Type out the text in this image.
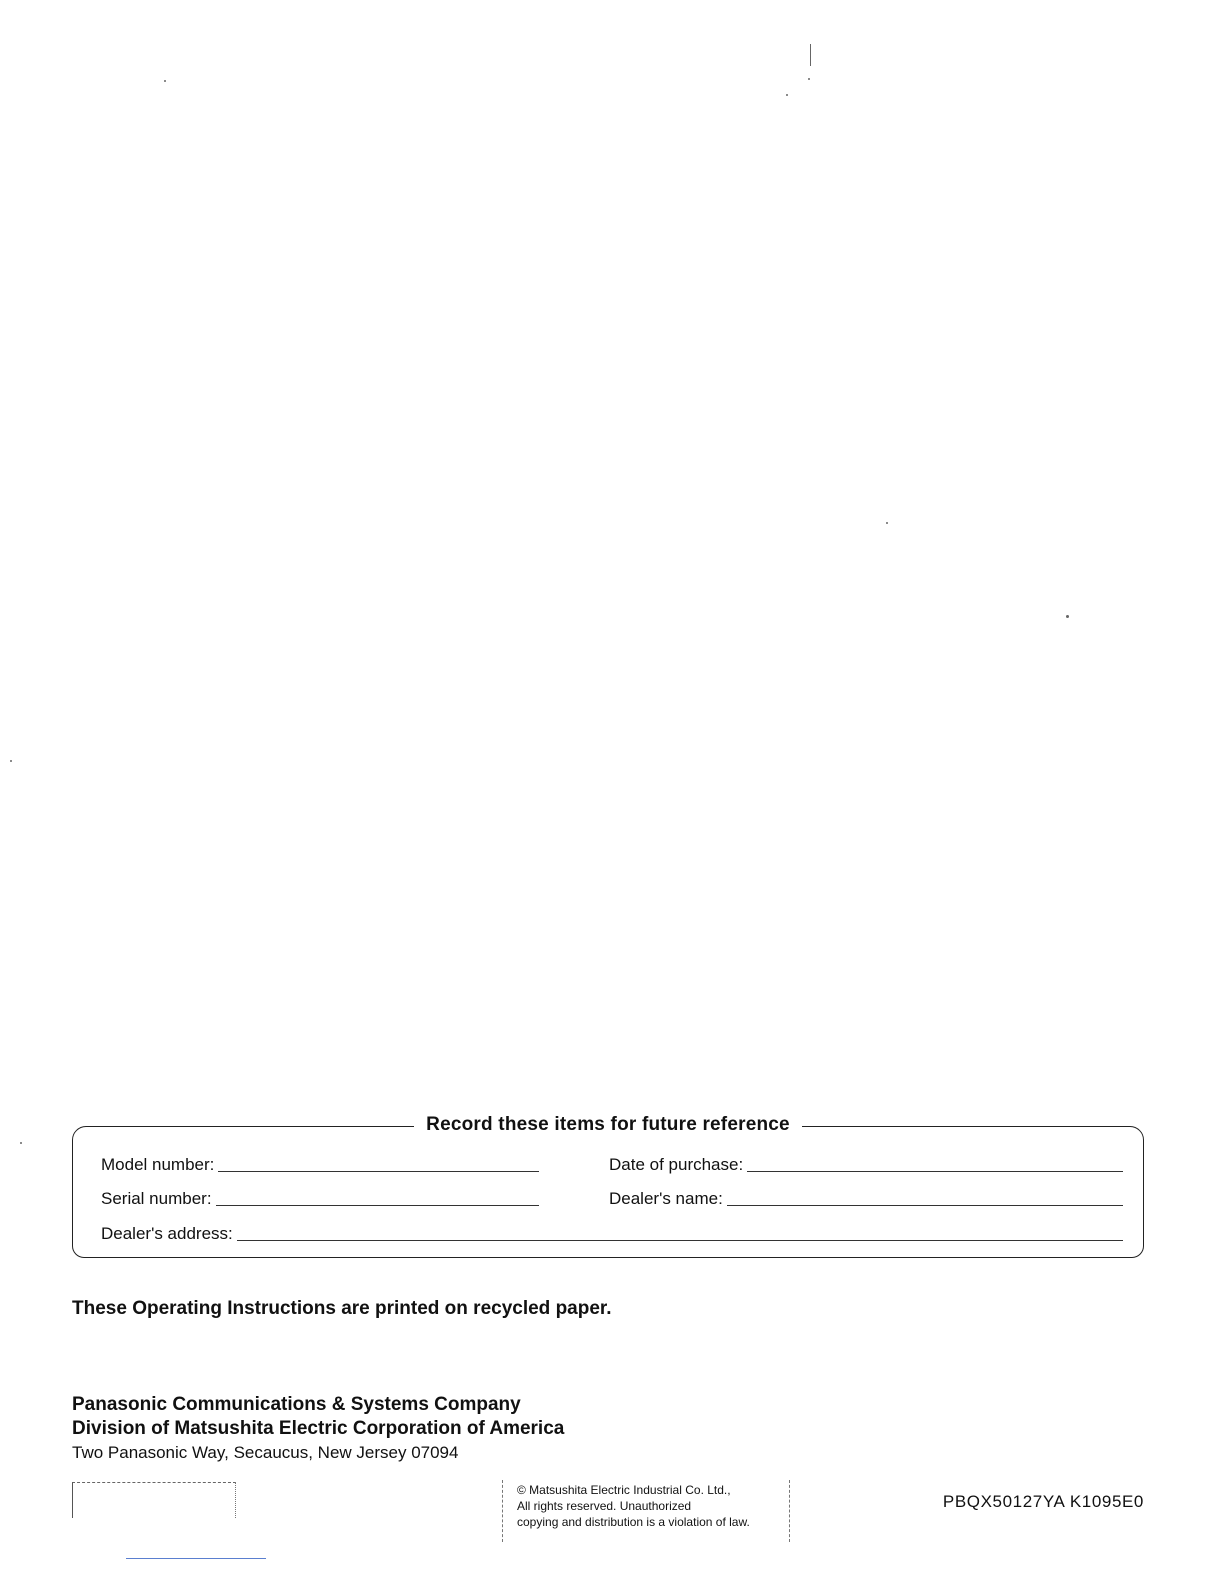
Record these items for future reference
Model number:	Date of purchase:
Serial number:	Dealer's name:
Dealer's address:
These Operating Instructions are printed on recycled paper.
Panasonic Communications & Systems Company
Division of Matsushita Electric Corporation of America
Two Panasonic Way, Secaucus, New Jersey 07094
© Matsushita Electric Industrial Co. Ltd.,
All rights reserved. Unauthorized
copying and distribution is a violation of law.
PBQX50127YA K1095E0
